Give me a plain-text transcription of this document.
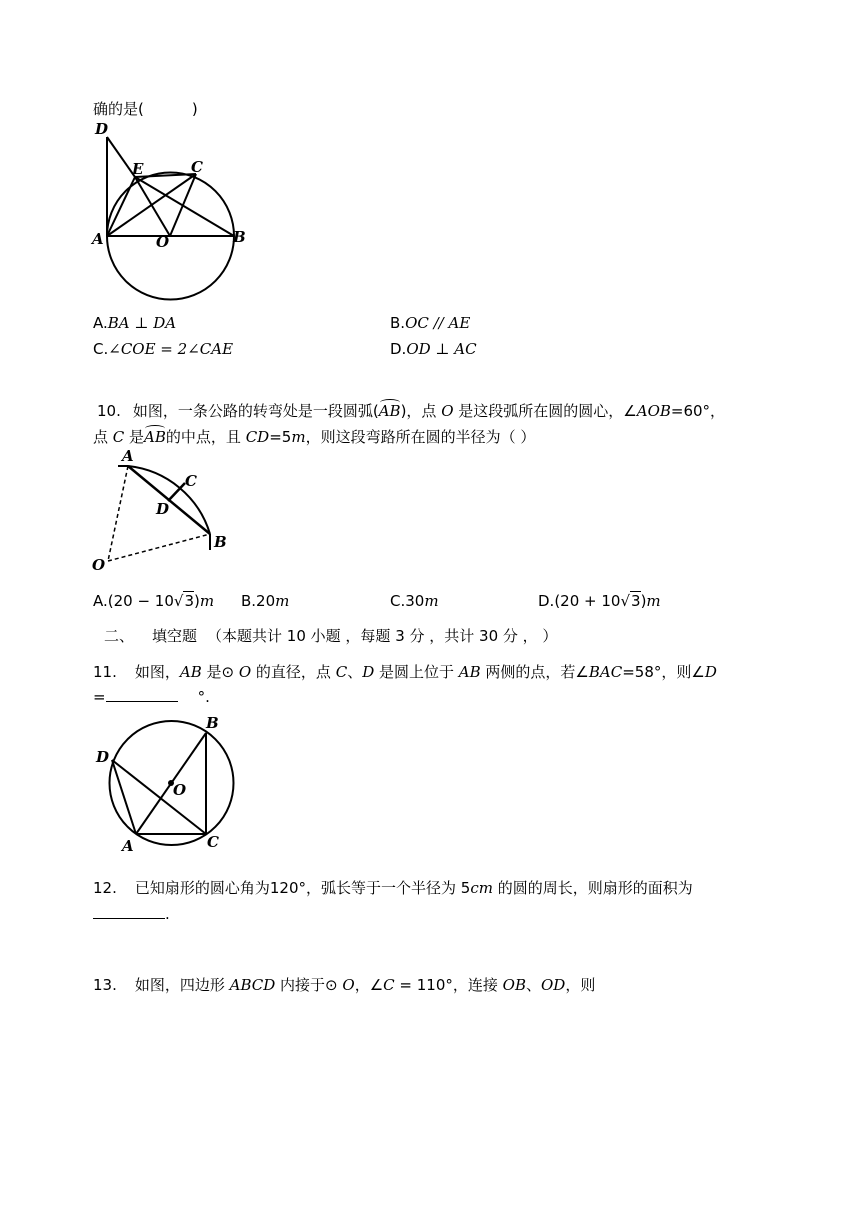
确的是(	)
D
E	C
A	O	B
A.BA ⊥ DA	B.OC // AE
C.∠COE = 2∠CAE	D.OD ⊥ AC
10. 如图，一条公路的转弯处是一段圆弧(AB)，点 O 是这段弧所在圆的圆心，∠AOB=60°，
点 C 是AB的中点，且 CD=5m，则这段弯路所在圆的半径为（ ）
A
C
D
B
O
A.(20 − 10√3)m B.20m	C.30m	D.(20 + 10√3)m
二、 填空题 （本题共计 10 小题 ，每题 3 分 ，共计 30 分 ， ）
11. 如图，AB 是⊙ O 的直径，点 C、D 是圆上位于 AB 两侧的点，若∠BAC=58°，则∠D
=	°.
B
D
O
A	C
12. 已知扇形的圆心角为120°，弧长等于一个半径为 5cm 的圆的周长，则扇形的面积为
.
13. 如图，四边形 ABCD 内接于⊙ O，∠C = 110°，连接 OB、OD，则
